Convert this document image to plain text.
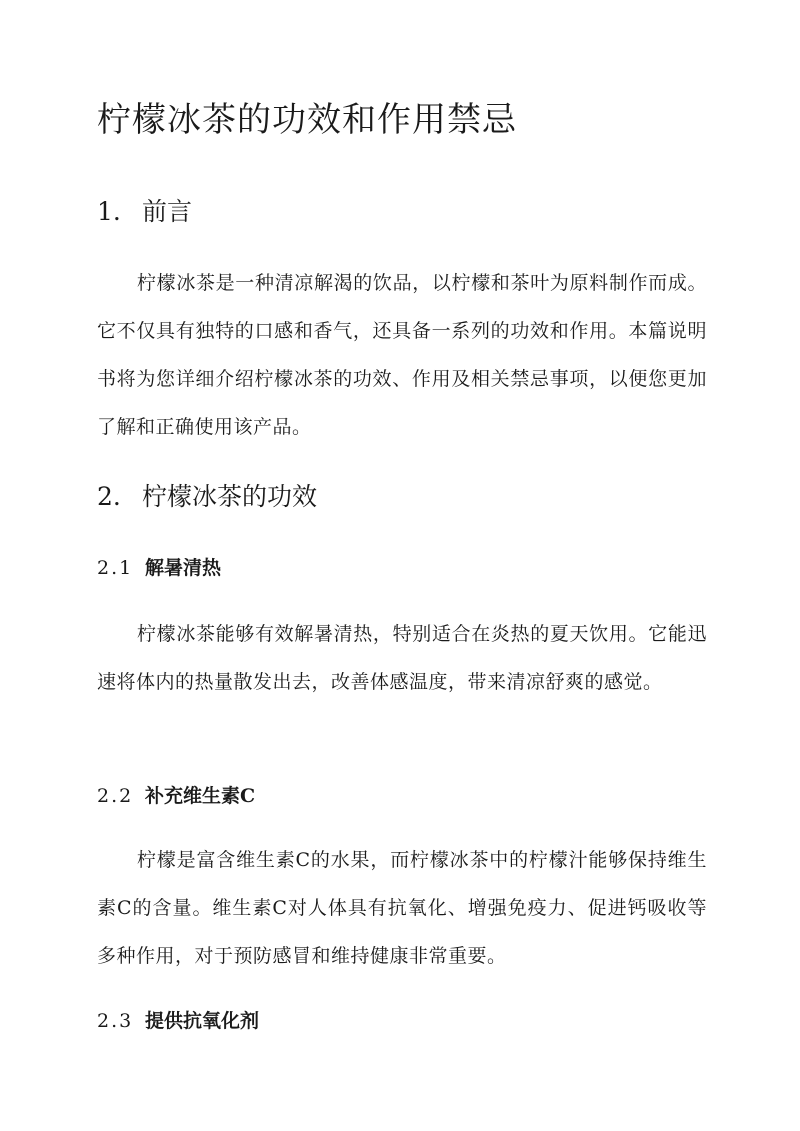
柠檬冰茶的功效和作用禁忌
1. 前言

柠檬冰茶是一种清凉解渴的饮品，以柠檬和茶叶为原料制作而成。它不仅具有独特的口感和香气，还具备一系列的功效和作用。本篇说明书将为您详细介绍柠檬冰茶的功效、作用及相关禁忌事项，以便您更加了解和正确使用该产品。

2. 柠檬冰茶的功效
2.1 解暑清热

柠檬冰茶能够有效解暑清热，特别适合在炎热的夏天饮用。它能迅速将体内的热量散发出去，改善体感温度，带来清凉舒爽的感觉。

2.2 补充维生素C

柠檬是富含维生素C的水果，而柠檬冰茶中的柠檬汁能够保持维生素C的含量。维生素C对人体具有抗氧化、增强免疫力、促进钙吸收等多种作用，对于预防感冒和维持健康非常重要。

2.3 提供抗氧化剂
